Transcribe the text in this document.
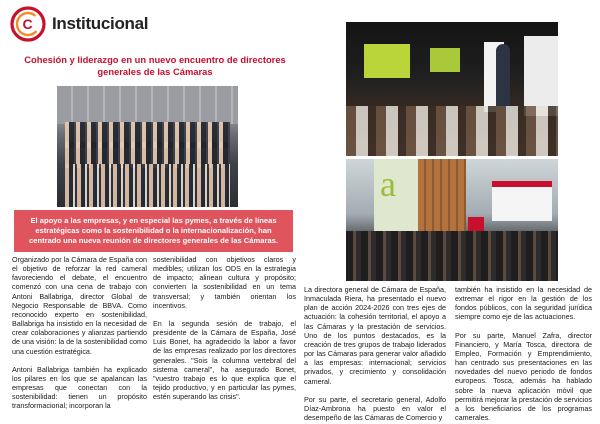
C Institucional
Cohesión y liderazgo en un nuevo encuentro de directores generales de las Cámaras
El apoyo a las empresas, y en especial las pymes, a través de líneas estratégicas como la sostenibilidad o la internacionalización, han centrado una nueva reunión de directores generales de las Cámaras.

Organizado por la Cámara de España con el objetivo de reforzar la red cameral favoreciendo el debate, el encuentro comenzó con una cena de trabajo con Antoni Ballabriga, director Global de Negocio Responsable de BBVA. Como reconocido experto en sostenibilidad, Ballabriga ha insistido en la necesidad de crear colaboraciones y alianzas partiendo de una visión: la de la sostenibilidad como una cuestión estratégica.

Antoni Ballabriga también ha explicado los pilares en los que se apalancan las empresas que conectan con la sostenibilidad: tienen un propósito transformacional; incorporan la

sostenibilidad con objetivos claros y medibles; utilizan los ODS en la estrategia de impacto; alinean cultura y propósito; convierten la sostenibilidad en un tema transversal; y también orientan los incentivos.

En la segunda sesión de trabajo, el presidente de la Cámara de España, José Luis Bonet, ha agradecido la labor a favor de las empresas realizado por los directores generales. "Sois la columna vertebral del sistema cameral", ha asegurado Bonet, "vuestro trabajo es lo que explica que el tejido productivo, y en particular las pymes, estén superando las crisis".

a

La directora general de Cámara de España, Inmaculada Riera, ha presentado el nuevo plan de acción 2024-2026 con tres ejes de actuación: la cohesión territorial, el apoyo a las Cámaras y la prestación de servicios. Uno de los puntos destacados, es la creación de tres grupos de trabajo liderados por las Cámaras para generar valor añadido a las empresas: internacional; servicios privados, y crecimiento y consolidación cameral.

Por su parte, el secretario general, Adolfo Díaz-Ambrona ha puesto en valor el desempeño de las Cámaras de Comercio y

también ha insistido en la necesidad de extremar el rigor en la gestión de los fondos públicos, con la seguridad jurídica siempre como eje de las actuaciones.

Por su parte, Manuel Zafra, director Financiero, y María Tosca, directora de Empleo, Formación y Emprendimiento, han centrado sus presentaciones en las novedades del nuevo periodo de fondos europeos. Tosca, además ha hablado sobre la nueva aplicación móvil que permitirá mejorar la prestación de servicios a los beneficiarios de los programas camerales.
